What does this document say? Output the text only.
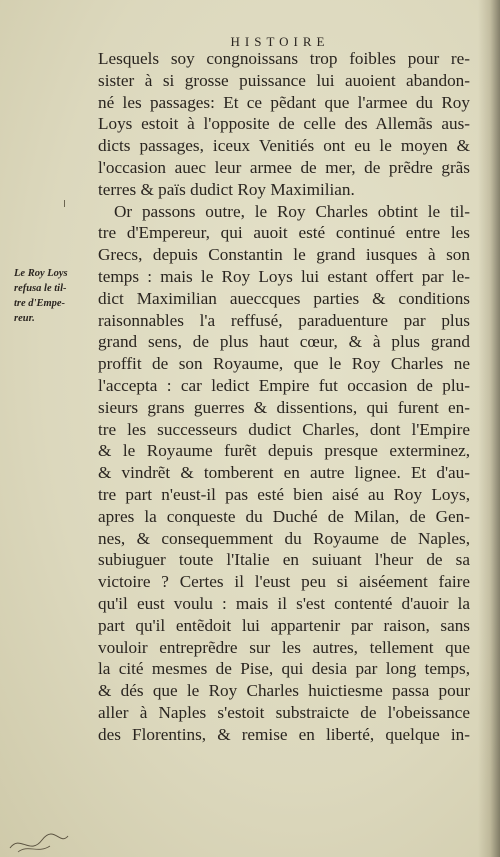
HISTOIRE
Le Roy Loys
refusa le til-
tre d'Empe-
reur.
Lesquels soy congnoissans trop foibles pour re-
sister à si grosse puissance lui auoient abandon-
né les passages: Et ce pẽdant que l'armee du Roy
Loys estoit à l'opposite de celle des Allemãs aus-
dicts passages, iceux Venitiés ont eu le moyen &
l'occasion auec leur armee de mer, de prẽdre grãs
terres & païs dudict Roy Maximilian.
Or passons outre, le Roy Charles obtint le til-
tre d'Empereur, qui auoit esté continué entre les
Grecs, depuis Constantin le grand iusques à son
temps : mais le Roy Loys lui estant offert par le-
dict Maximilian aueccques parties & conditions
raisonnables l'a reffusé, paraduenture par plus
grand sens, de plus haut cœur, & à plus grand
proffit de son Royaume, que le Roy Charles ne
l'accepta : car ledict Empire fut occasion de plu-
sieurs grans guerres & dissentions, qui furent en-
tre les successeurs dudict Charles, dont l'Empire
& le Royaume furẽt depuis presque exterminez,
& vindrẽt & tomberent en autre lignee. Et d'au-
tre part n'eust-il pas esté bien aisé au Roy Loys,
apres la conqueste du Duché de Milan, de Gen-
nes, & consequemment du Royaume de Naples,
subiuguer toute l'Italie en suiuant l'heur de sa
victoire ? Certes il l'eust peu si aiséement faire
qu'il eust voulu : mais il s'est contenté d'auoir la
part qu'il entẽdoit lui appartenir par raison, sans
vouloir entreprẽdre sur les autres, tellement que
la cité mesmes de Pise, qui desia par long temps,
& dés que le Roy Charles huictiesme passa pour
aller à Naples s'estoit substraicte de l'obeissance
des Florentins, & remise en liberté, quelque in-
